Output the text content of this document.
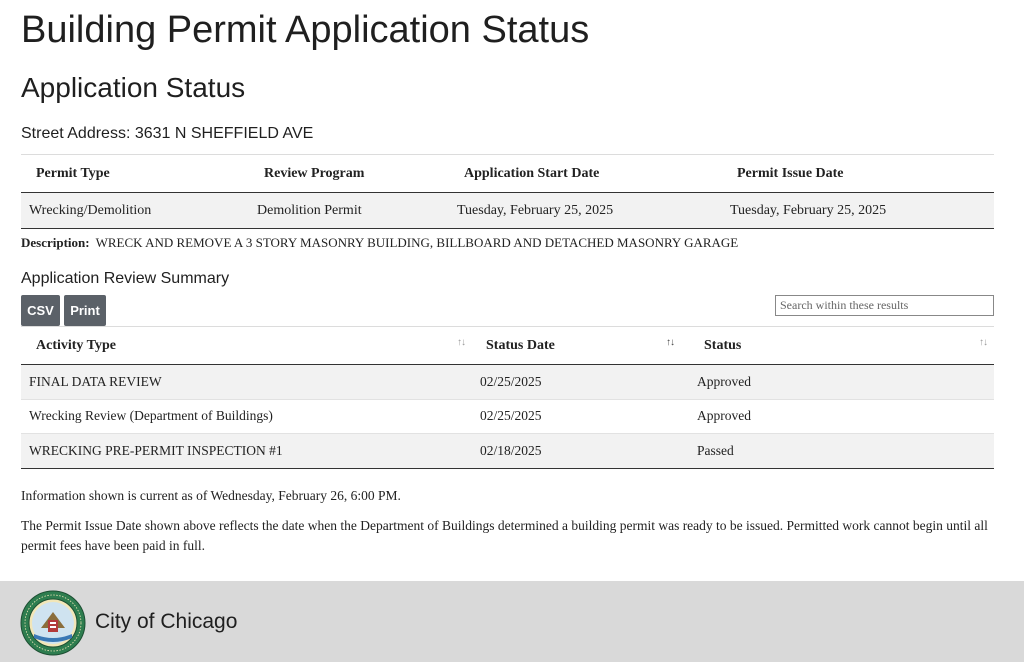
Building Permit Application Status
Application Status
Street Address: 3631 N SHEFFIELD AVE
Permit Type	Review Program	Application Start Date	Permit Issue Date
Wrecking/Demolition	Demolition Permit	Tuesday, February 25, 2025	Tuesday, February 25, 2025
Description: WRECK AND REMOVE A 3 STORY MASONRY BUILDING, BILLBOARD AND DETACHED MASONRY GARAGE
Application Review Summary
CSV	Print
Search within these results
Activity Type ↑↓	Status Date ↑↓	Status ↑↓

FINAL DATA REVIEW	02/25/2025	Approved
Wrecking Review (Department of Buildings)	02/25/2025	Approved
WRECKING PRE-PERMIT INSPECTION #1	02/18/2025	Passed

Information shown is current as of Wednesday, February 26, 6:00 PM.

The Permit Issue Date shown above reflects the date when the Department of Buildings determined a building permit was ready to be issued. Permitted work cannot begin until all permit fees have been paid in full.

City of Chicago
